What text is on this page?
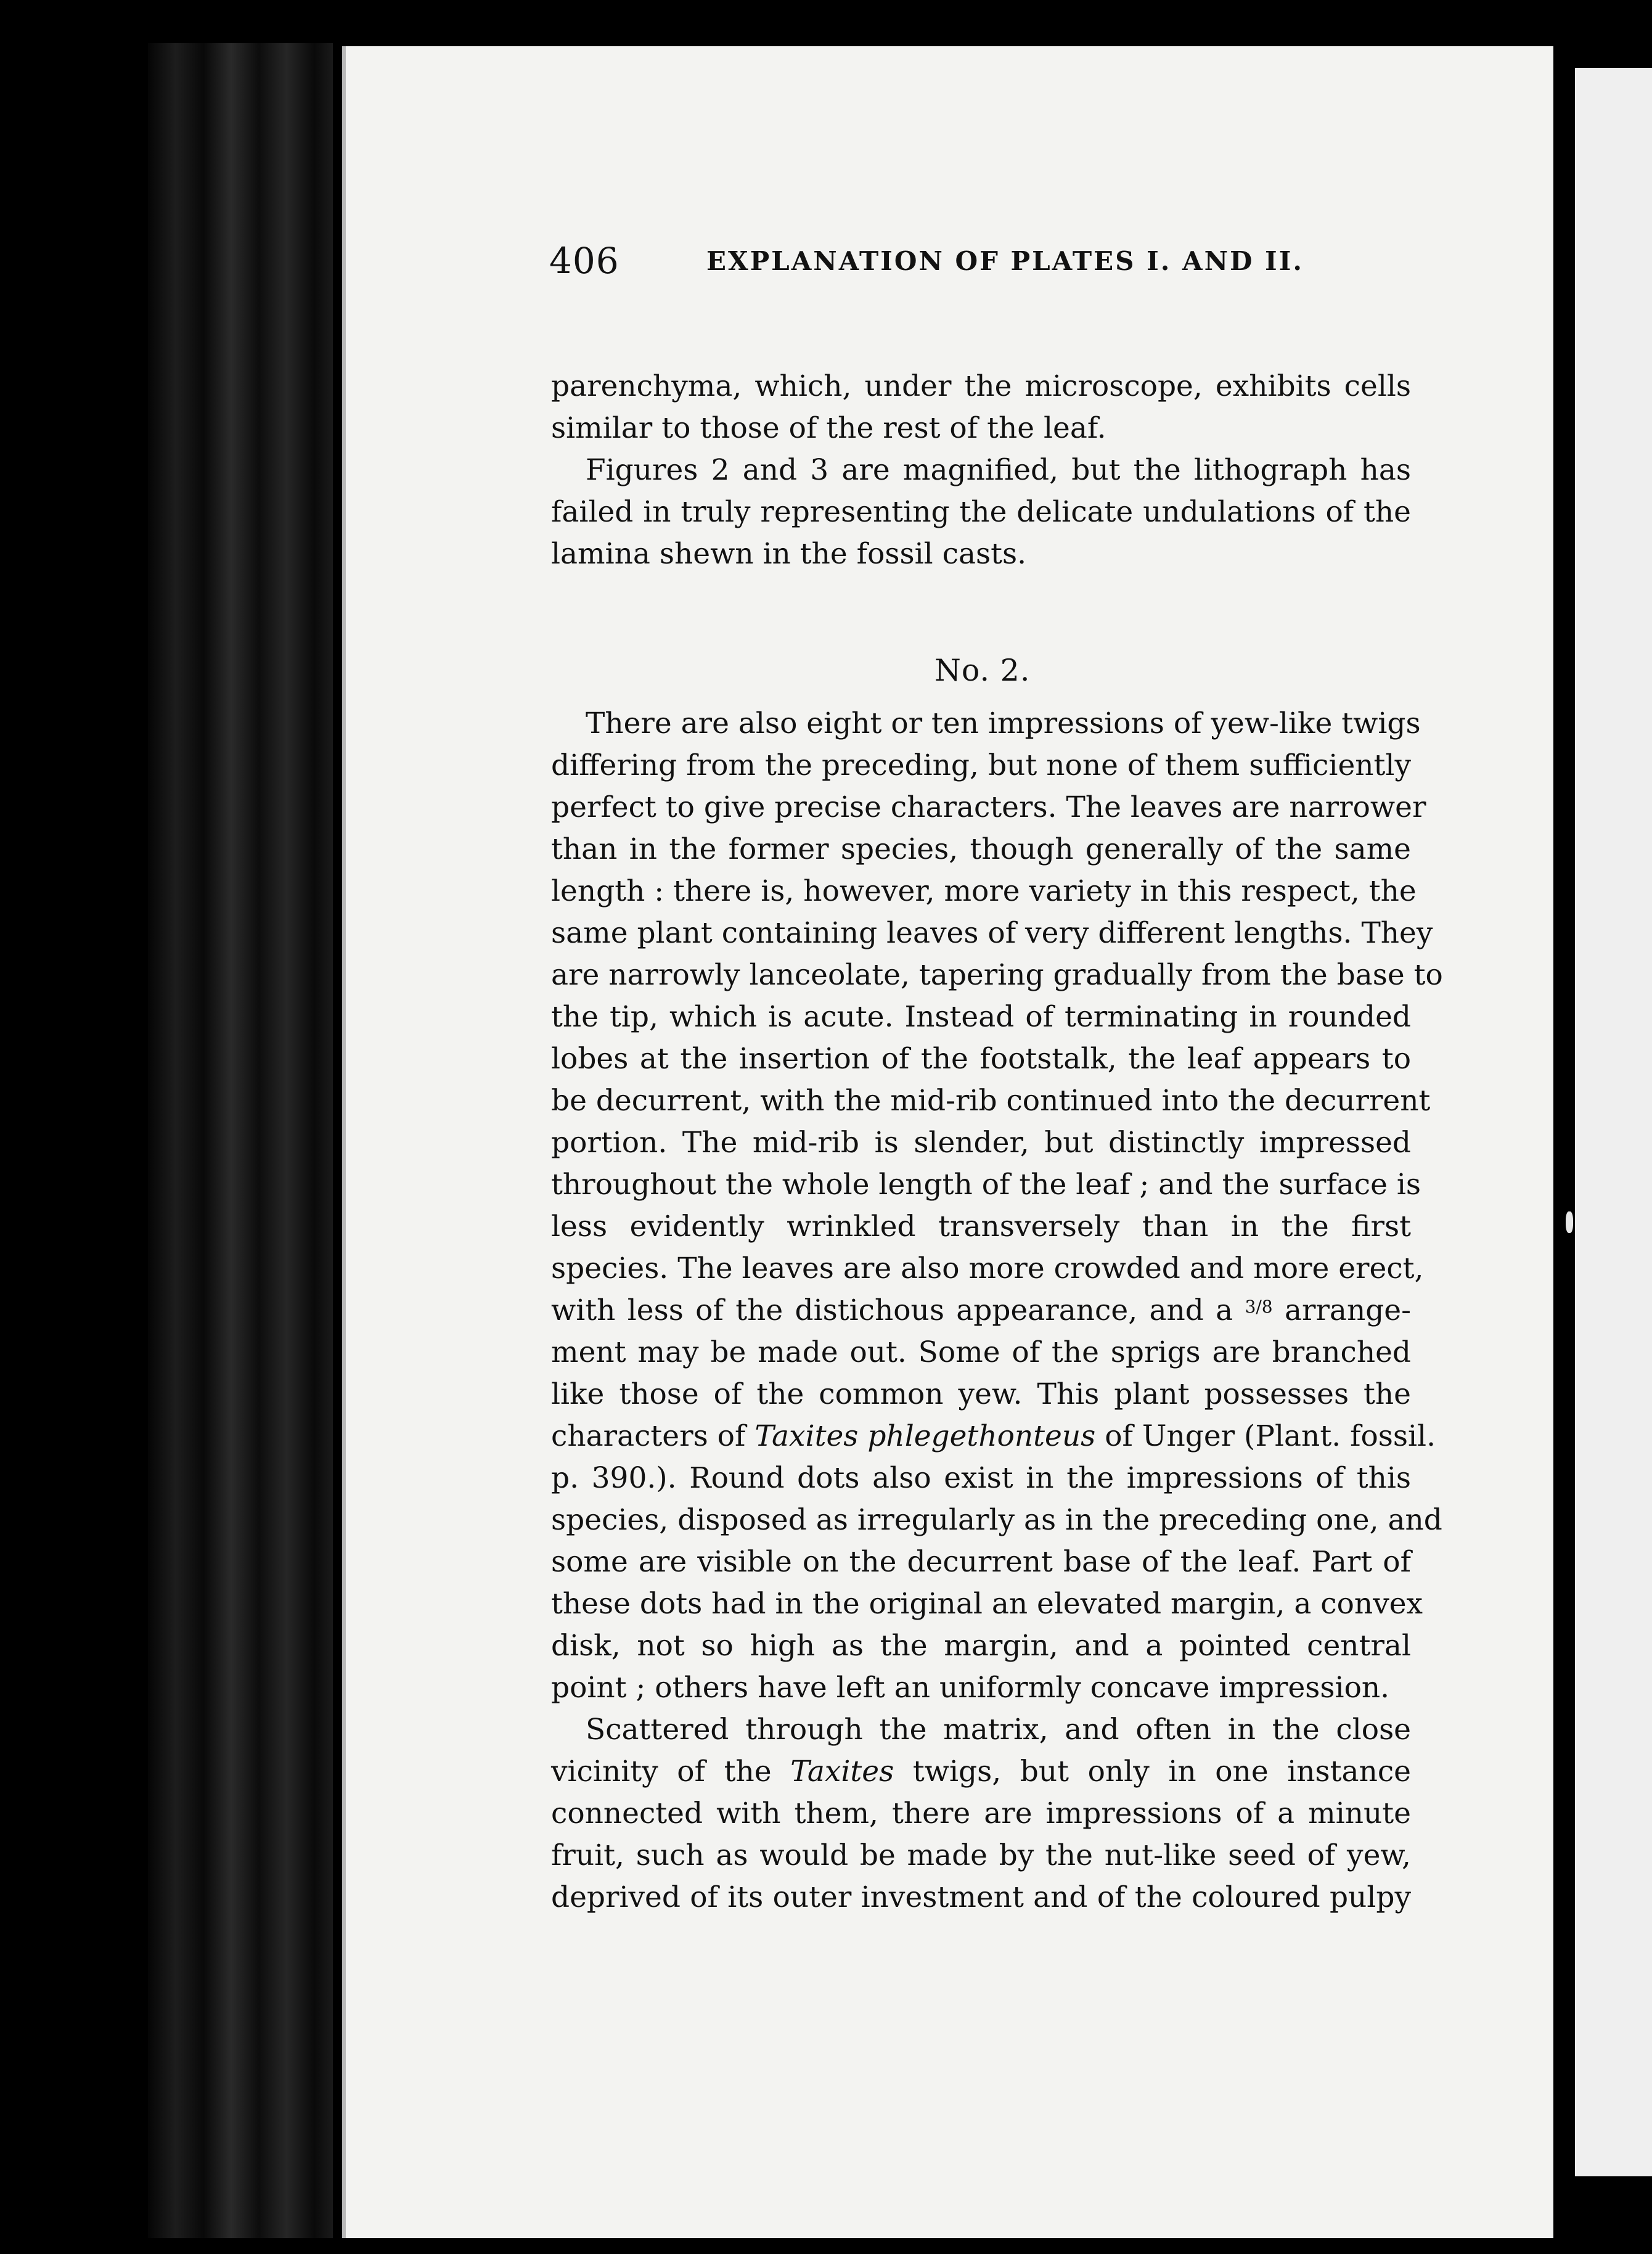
406	EXPLANATION OF PLATES I. AND II.
parenchyma, which, under the microscope, exhibits cells
similar to those of the rest of the leaf.
Figures 2 and 3 are magnified, but the lithograph has
failed in truly representing the delicate undulations of the
lamina shewn in the fossil casts.
No. 2.
There are also eight or ten impressions of yew-like twigs
differing from the preceding, but none of them sufficiently
perfect to give precise characters. The leaves are narrower
than in the former species, though generally of the same
length : there is, however, more variety in this respect, the
same plant containing leaves of very different lengths. They
are narrowly lanceolate, tapering gradually from the base to
the tip, which is acute. Instead of terminating in rounded
lobes at the insertion of the footstalk, the leaf appears to
be decurrent, with the mid-rib continued into the decurrent
portion. The mid-rib is slender, but distinctly impressed
throughout the whole length of the leaf ; and the surface is
less evidently wrinkled transversely than in the first
species. The leaves are also more crowded and more erect,
with less of the distichous appearance, and a $^{3/8}$ arrange-
ment may be made out. Some of the sprigs are branched
like those of the common yew. This plant possesses the
characters of Taxites phlegethonteus of Unger (Plant. fossil.
p. 390.). Round dots also exist in the impressions of this
species, disposed as irregularly as in the preceding one, and
some are visible on the decurrent base of the leaf. Part of
these dots had in the original an elevated margin, a convex
disk, not so high as the margin, and a pointed central
point ; others have left an uniformly concave impression.
Scattered through the matrix, and often in the close
vicinity of the Taxites twigs, but only in one instance
connected with them, there are impressions of a minute
fruit, such as would be made by the nut-like seed of yew,
deprived of its outer investment and of the coloured pulpy
